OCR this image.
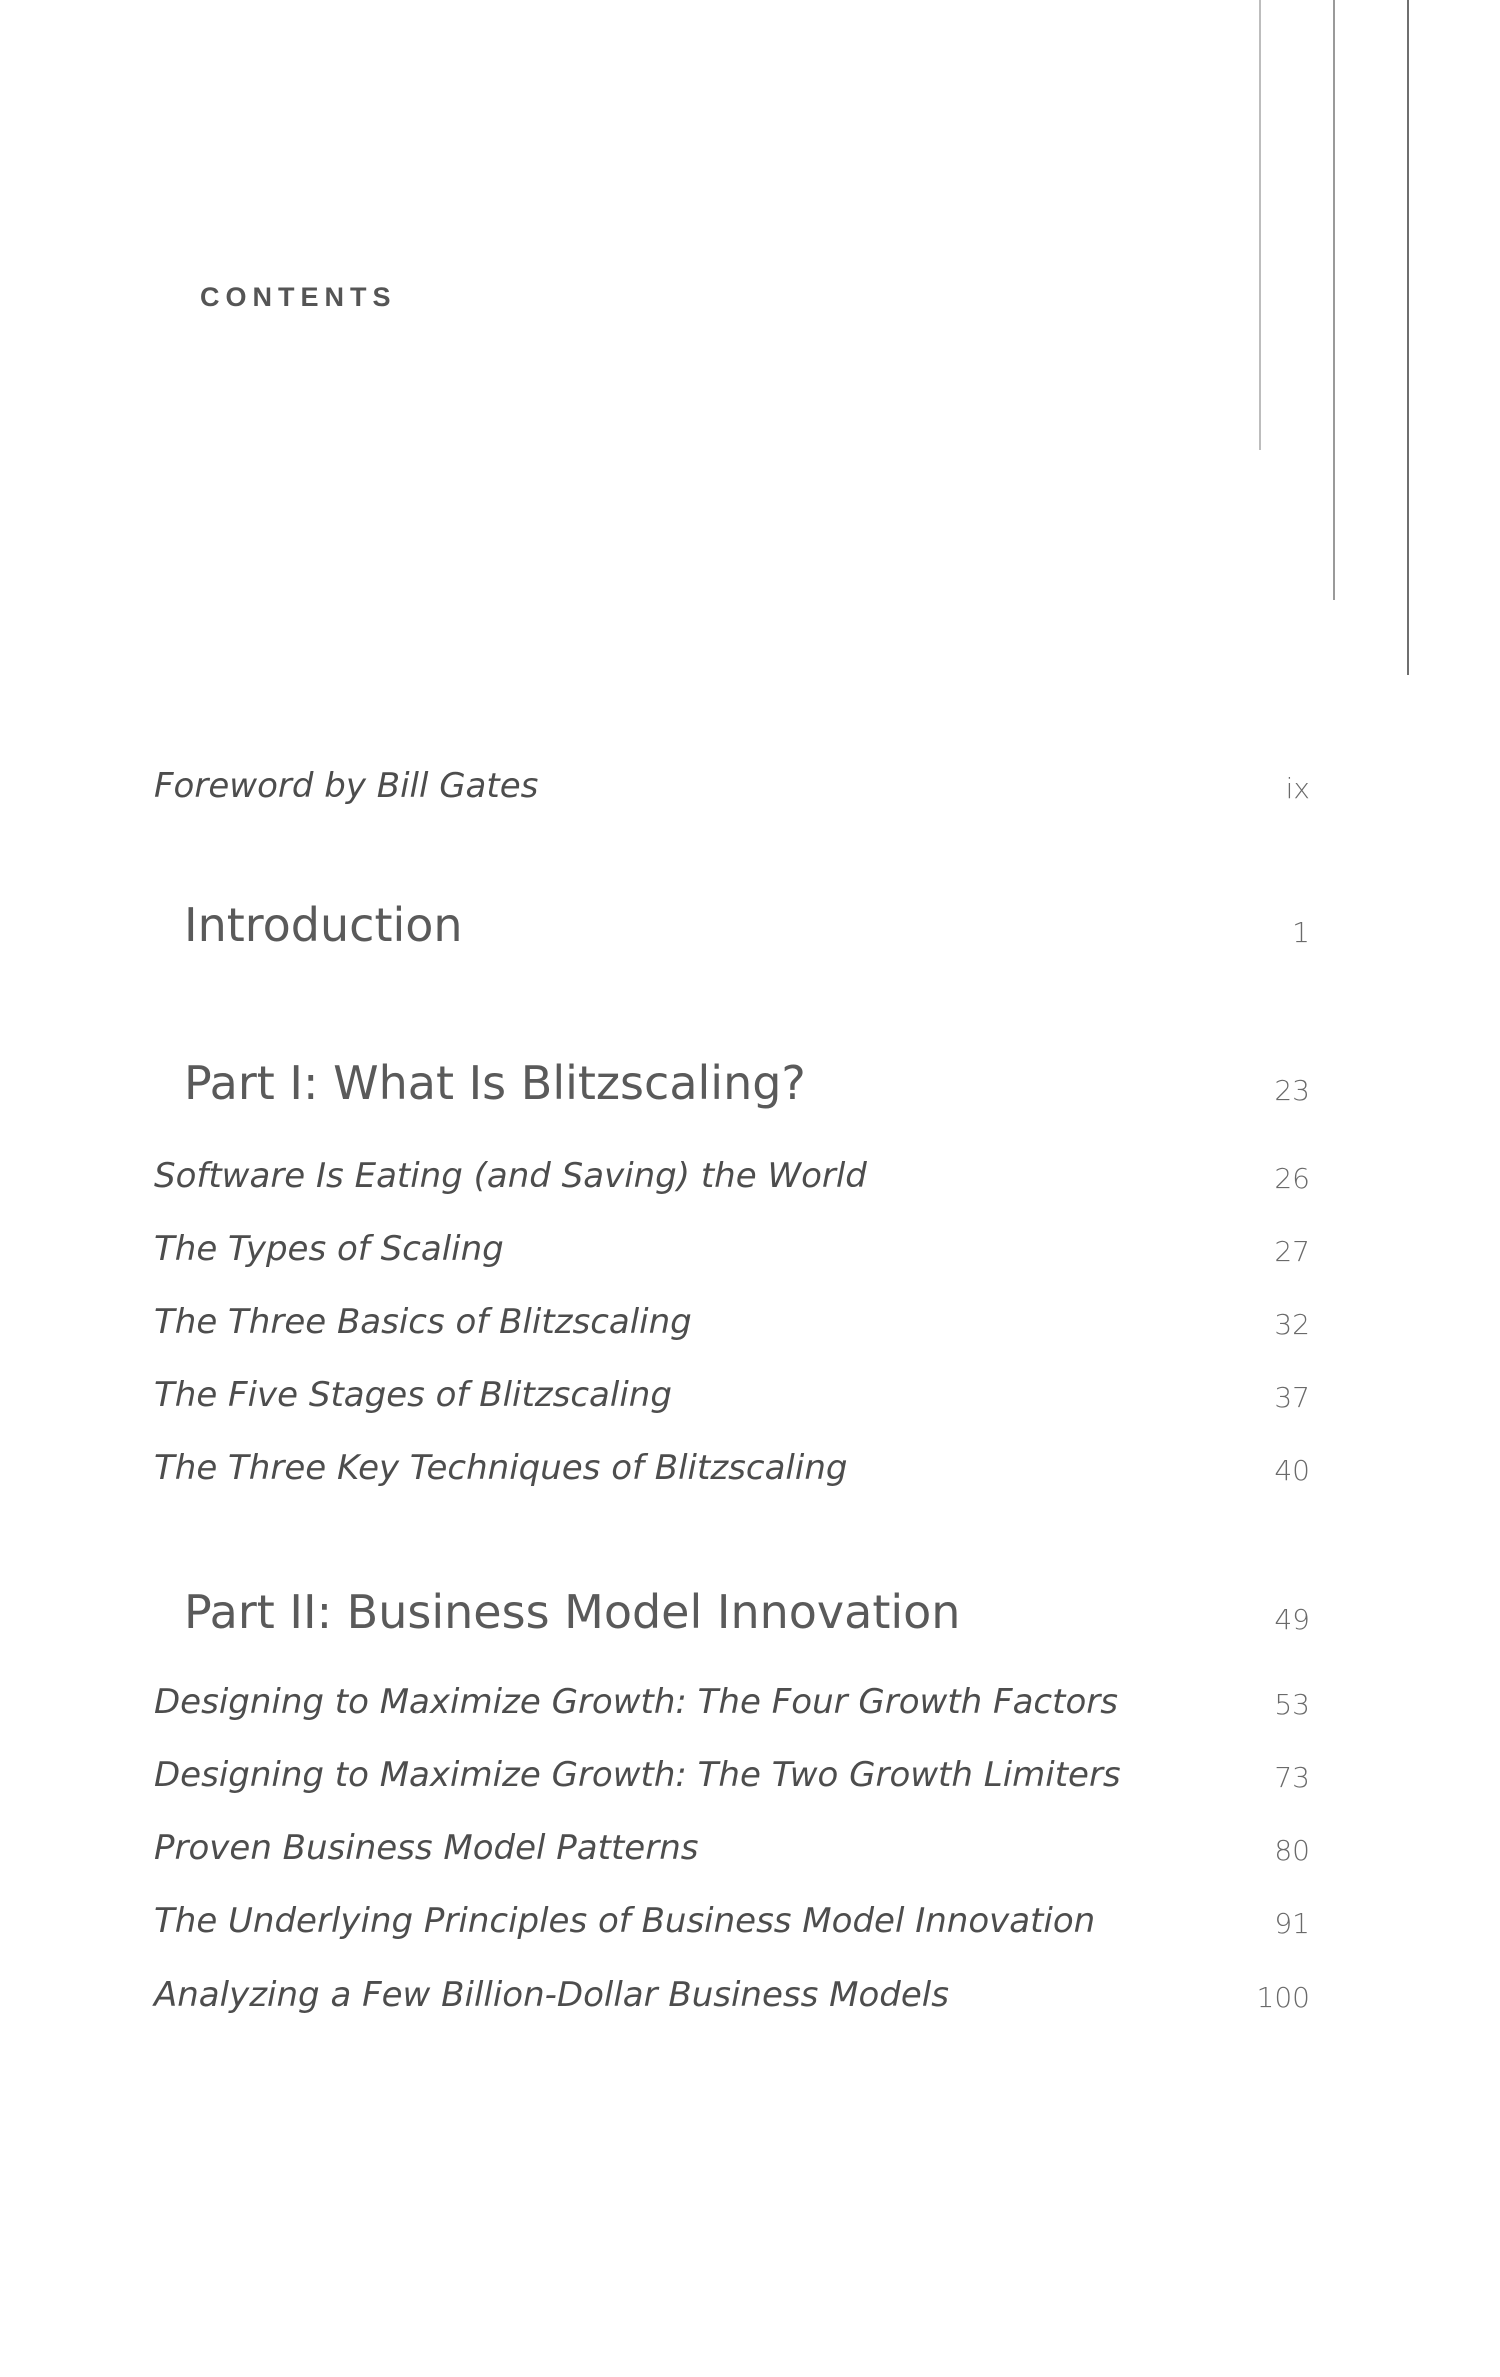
CONTENTS
Foreword by Bill Gates	ix
Introduction	1
Part I: What Is Blitzscaling?	23
Software Is Eating (and Saving) the World	26
The Types of Scaling	27
The Three Basics of Blitzscaling	32
The Five Stages of Blitzscaling	37
The Three Key Techniques of Blitzscaling	40
Part II: Business Model Innovation	49
Designing to Maximize Growth: The Four Growth Factors	53
Designing to Maximize Growth: The Two Growth Limiters	73
Proven Business Model Patterns	80
The Underlying Principles of Business Model Innovation	91
Analyzing a Few Billion-Dollar Business Models	100
